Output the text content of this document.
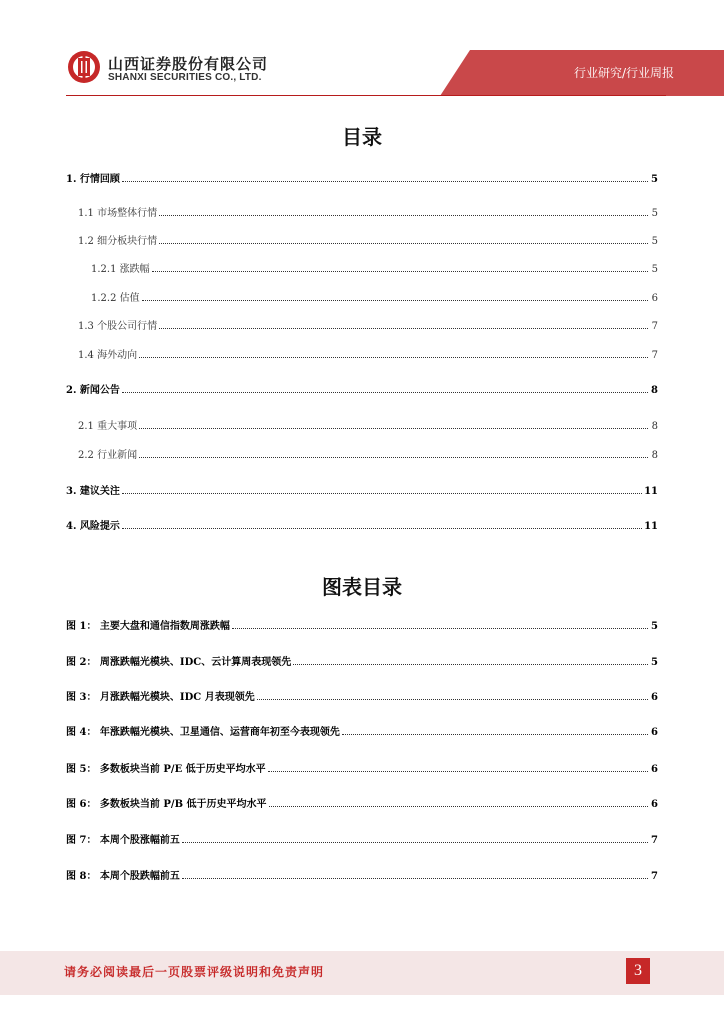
山西证券股份有限公司
SHANXI SECURITIES CO., LTD.	行业研究/行业周报
目录
1. 行情回顾	5
1.1 市场整体行情	5
1.2 细分板块行情	5
1.2.1 涨跌幅	5
1.2.2 估值	6
1.3 个股公司行情	7
1.4 海外动向	7
2. 新闻公告	8
2.1 重大事项	8
2.2 行业新闻	8
3. 建议关注	11
4. 风险提示	11
图表目录
图 1： 主要大盘和通信指数周涨跌幅	5
图 2： 周涨跌幅光模块、IDC、云计算周表现领先	5
图 3： 月涨跌幅光模块、IDC 月表现领先	6
图 4： 年涨跌幅光模块、卫星通信、运营商年初至今表现领先	6
图 5： 多数板块当前 P/E 低于历史平均水平	6
图 6： 多数板块当前 P/B 低于历史平均水平	6
图 7： 本周个股涨幅前五	7
图 8： 本周个股跌幅前五	7
请务必阅读最后一页股票评级说明和免责声明	3
